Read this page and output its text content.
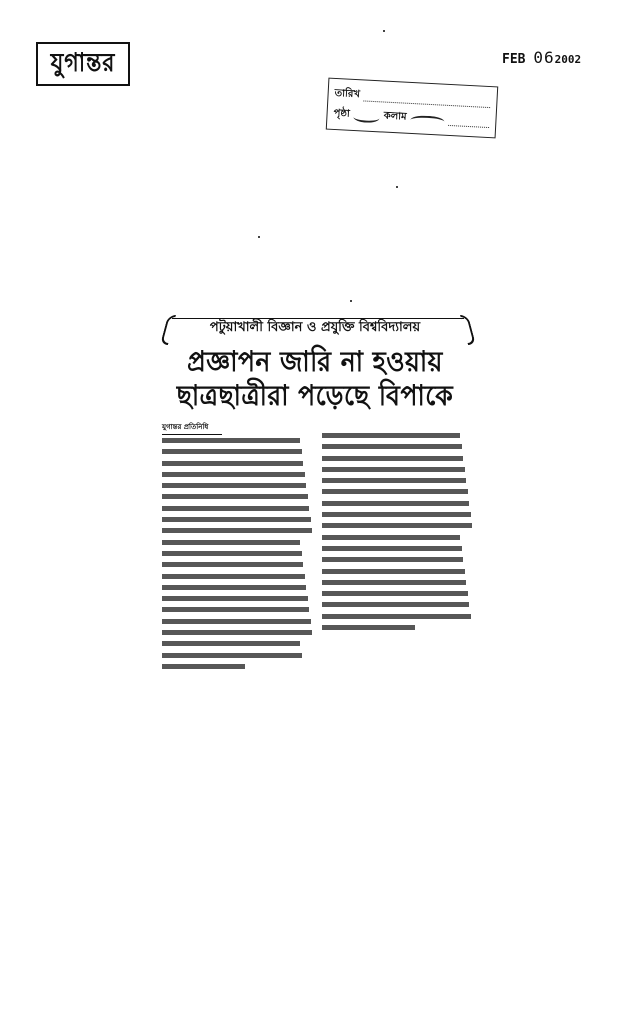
যুগান্তর	FEB 062002
তারিখ
পৃষ্ঠা	কলাম
পটুয়াখালী বিজ্ঞান ও প্রযুক্তি বিশ্ববিদ্যালয়
প্রজ্ঞাপন জারি না হওয়ায়
ছাত্রছাত্রীরা পড়েছে বিপাকে
যুগান্তর প্রতিনিধি
